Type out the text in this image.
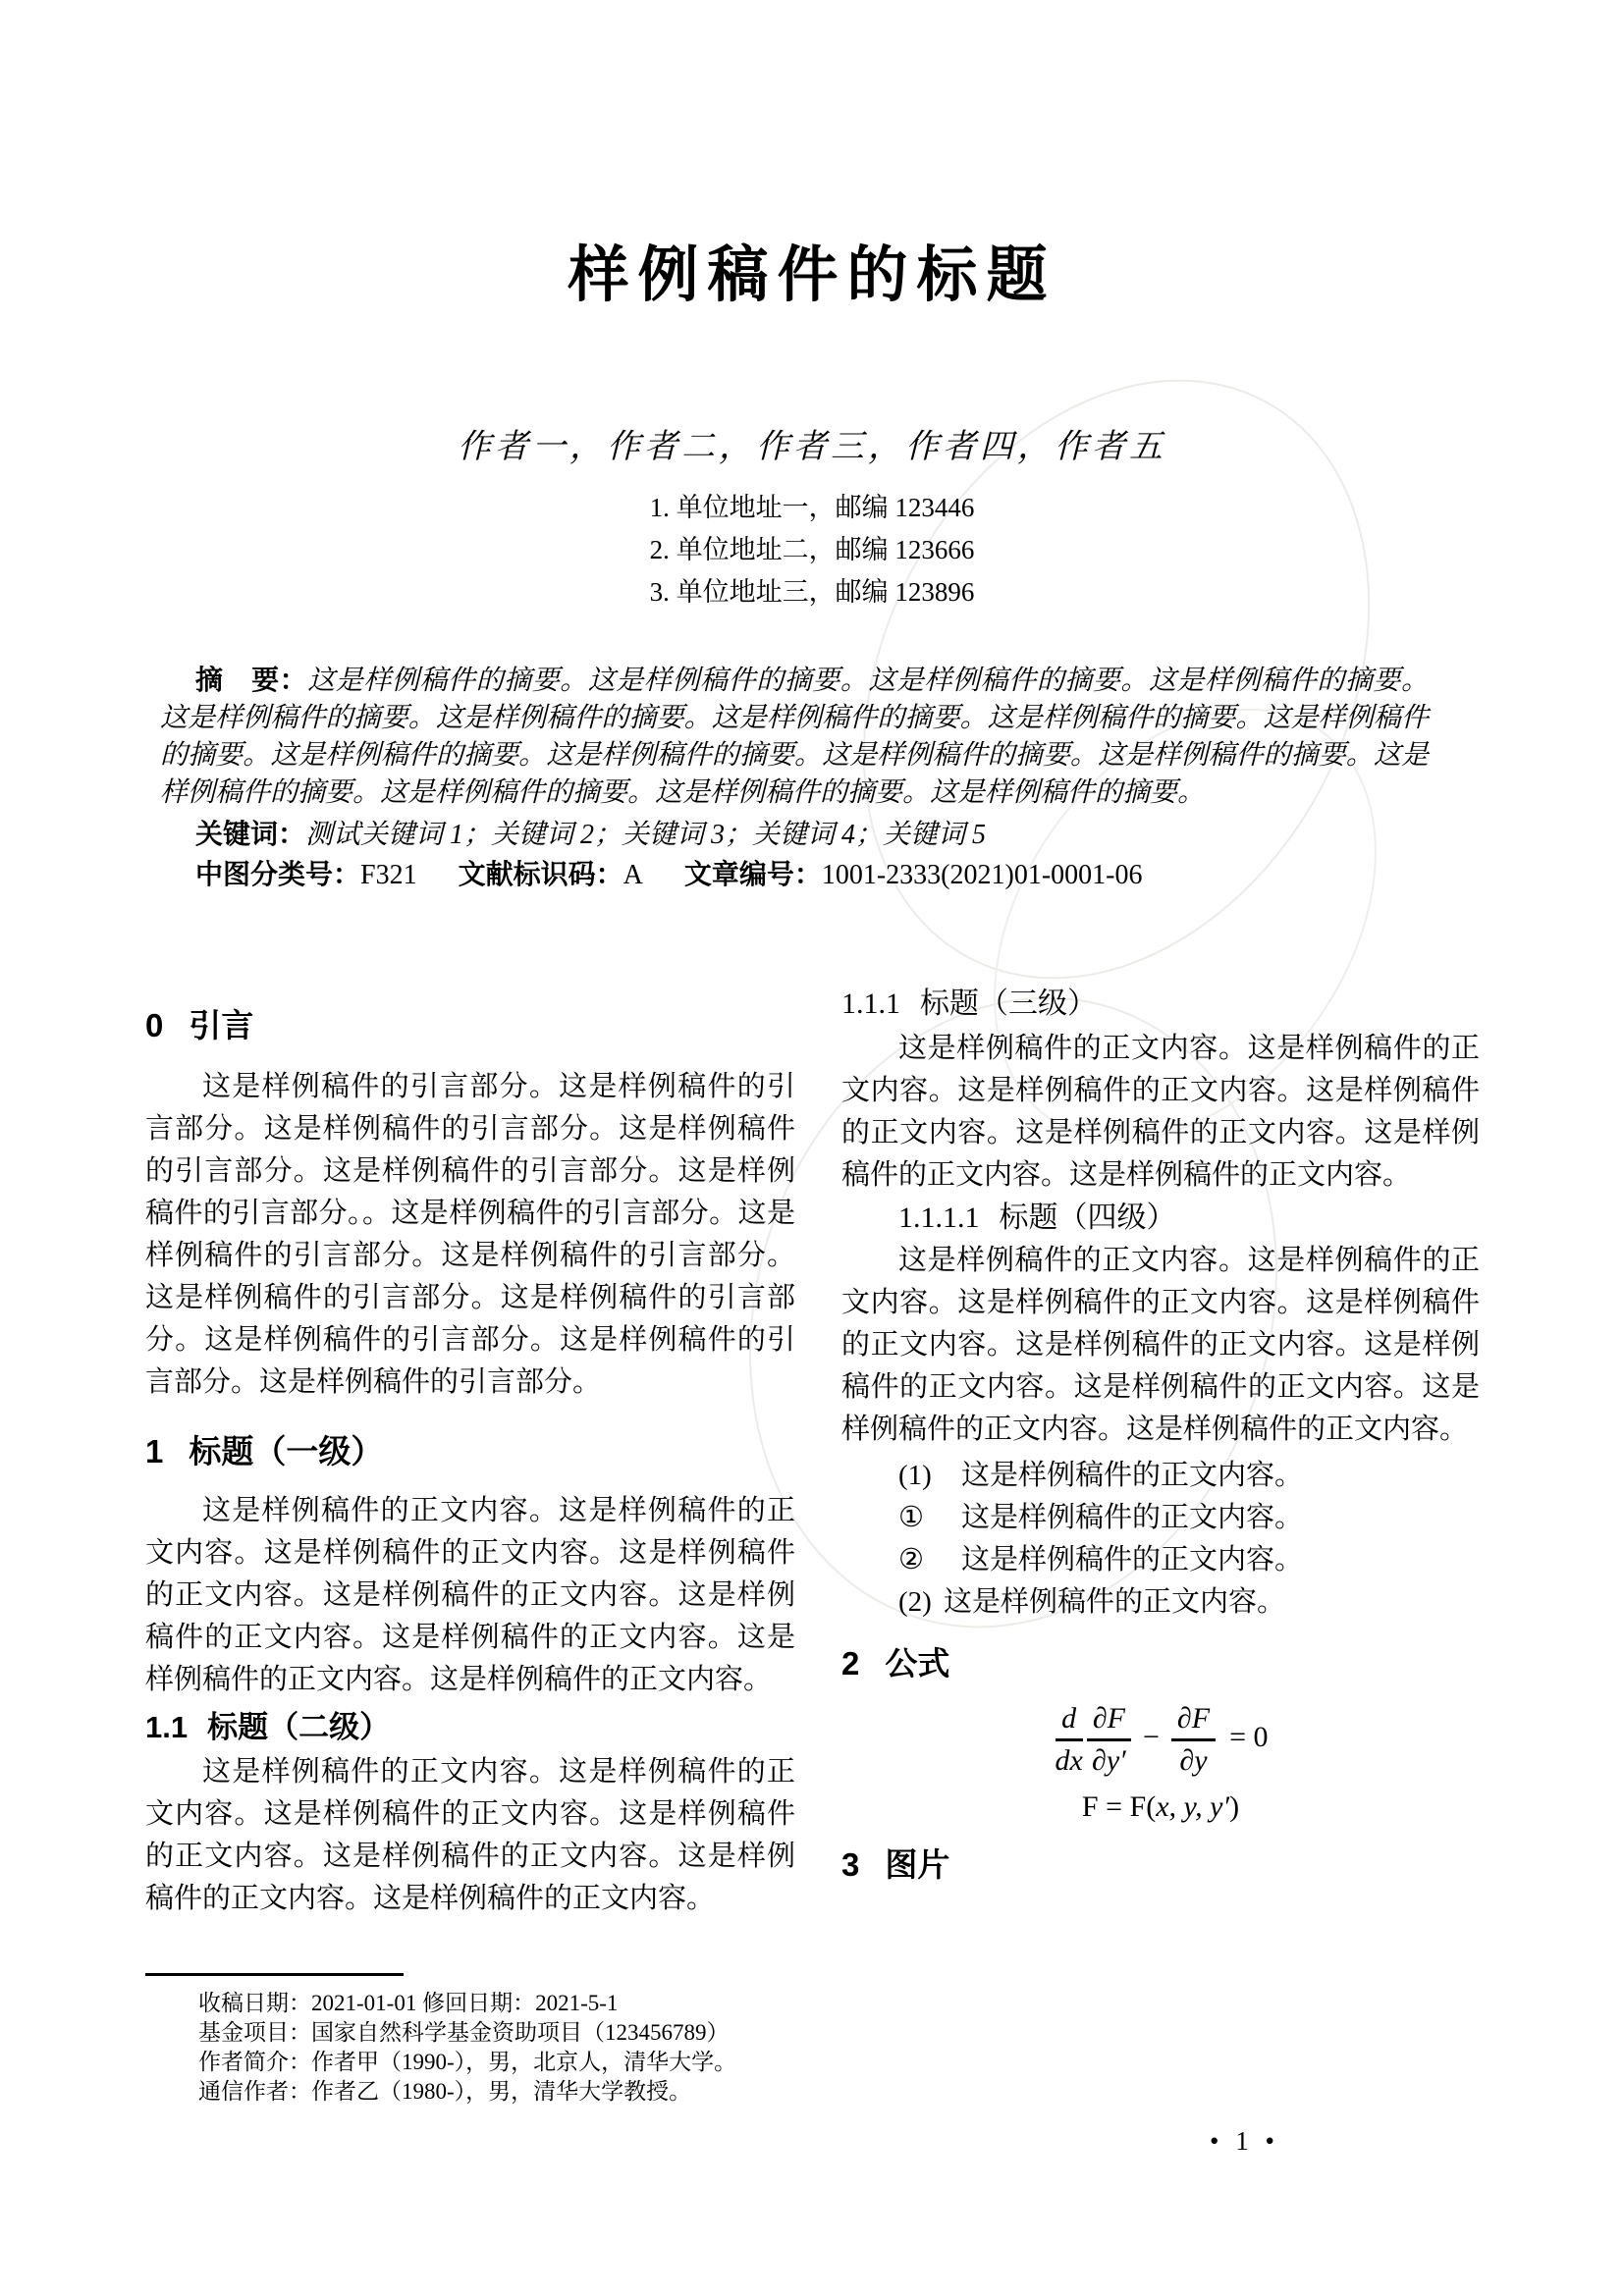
样例稿件的标题
作者一，作者二，作者三，作者四，作者五
1. 单位地址一，邮编 123446
2. 单位地址二，邮编 123666
3. 单位地址三，邮编 123896

摘　要：这是样例稿件的摘要。这是样例稿件的摘要。这是样例稿件的摘要。这是样例稿件的摘要。这是样例稿件的摘要。这是样例稿件的摘要。这是样例稿件的摘要。这是样例稿件的摘要。这是样例稿件的摘要。这是样例稿件的摘要。这是样例稿件的摘要。这是样例稿件的摘要。这是样例稿件的摘要。这是样例稿件的摘要。这是样例稿件的摘要。这是样例稿件的摘要。这是样例稿件的摘要。

关键词：测试关键词 1；关键词 2；关键词 3；关键词 4；关键词 5

中图分类号：F321 文献标识码：A 文章编号：1001-2333(2021)01-0001-06

0 引言

这是样例稿件的引言部分。这是样例稿件的引言部分。这是样例稿件的引言部分。这是样例稿件的引言部分。这是样例稿件的引言部分。这是样例稿件的引言部分。。这是样例稿件的引言部分。这是样例稿件的引言部分。这是样例稿件的引言部分。这是样例稿件的引言部分。这是样例稿件的引言部分。这是样例稿件的引言部分。这是样例稿件的引言部分。这是样例稿件的引言部分。

1 标题（一级）

这是样例稿件的正文内容。这是样例稿件的正文内容。这是样例稿件的正文内容。这是样例稿件的正文内容。这是样例稿件的正文内容。这是样例稿件的正文内容。这是样例稿件的正文内容。这是样例稿件的正文内容。这是样例稿件的正文内容。

1.1 标题（二级）

这是样例稿件的正文内容。这是样例稿件的正文内容。这是样例稿件的正文内容。这是样例稿件的正文内容。这是样例稿件的正文内容。这是样例稿件的正文内容。这是样例稿件的正文内容。

1.1.1 标题（三级）

这是样例稿件的正文内容。这是样例稿件的正文内容。这是样例稿件的正文内容。这是样例稿件的正文内容。这是样例稿件的正文内容。这是样例稿件的正文内容。这是样例稿件的正文内容。

1.1.1.1 标题（四级）

这是样例稿件的正文内容。这是样例稿件的正文内容。这是样例稿件的正文内容。这是样例稿件的正文内容。这是样例稿件的正文内容。这是样例稿件的正文内容。这是样例稿件的正文内容。这是样例稿件的正文内容。这是样例稿件的正文内容。

(1) 这是样例稿件的正文内容。
① 这是样例稿件的正文内容。
② 这是样例稿件的正文内容。
(2) 这是样例稿件的正文内容。
2 公式
$\frac{d}{dx} \frac{\partial F}{\partial y'} - \frac{\partial F}{\partial y} = 0$
F = F(x, y, y′)
3 图片
收稿日期：2021-01-01 修回日期：2021-5-1
基金项目：国家自然科学基金资助项目（123456789）
作者简介：作者甲（1990-），男，北京人，清华大学。
通信作者：作者乙（1980-），男，清华大学教授。
• 1 •
